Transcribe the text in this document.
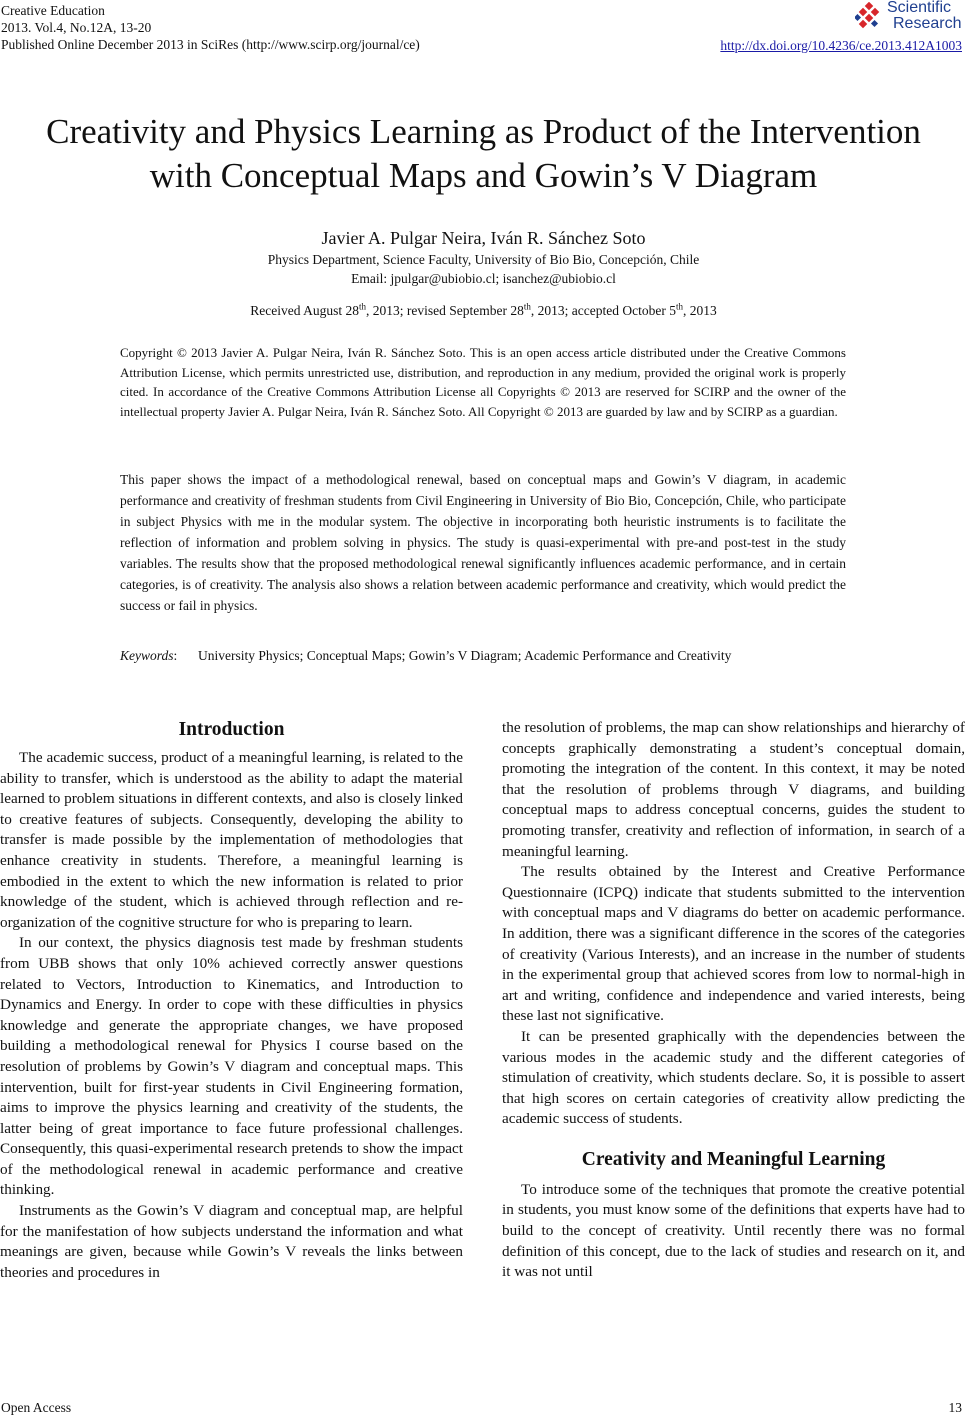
Creative Education
2013. Vol.4, No.12A, 13-20
Published Online December 2013 in SciRes (http://www.scirp.org/journal/ce)	http://dx.doi.org/10.4236/ce.2013.412A1003
Scientific
Research
Creativity and Physics Learning as Product of the Intervention
with Conceptual Maps and Gowin’s V Diagram
Javier A. Pulgar Neira, Iván R. Sánchez Soto
Physics Department, Science Faculty, University of Bio Bio, Concepción, Chile
Email: jpulgar@ubiobio.cl; isanchez@ubiobio.cl
Received August 28th, 2013; revised September 28th, 2013; accepted October 5th, 2013
Copyright © 2013 Javier A. Pulgar Neira, Iván R. Sánchez Soto. This is an open access article distributed under the Creative Commons Attribution License, which permits unrestricted use, distribution, and reproduction in any medium, provided the original work is properly cited. In accordance of the Creative Commons Attribution License all Copyrights © 2013 are reserved for SCIRP and the owner of the intellectual property Javier A. Pulgar Neira, Iván R. Sánchez Soto. All Copyright © 2013 are guarded by law and by SCIRP as a guardian.
This paper shows the impact of a methodological renewal, based on conceptual maps and Gowin’s V diagram, in academic performance and creativity of freshman students from Civil Engineering in University of Bio Bio, Concepción, Chile, who participate in subject Physics with me in the modular system. The objective in incorporating both heuristic instruments is to facilitate the reflection of information and problem solving in physics. The study is quasi-experimental with pre-and post-test in the study variables. The results show that the proposed methodological renewal significantly influences academic performance, and in certain categories, is of creativity. The analysis also shows a relation between academic performance and creativity, which would predict the success or fail in physics.
Keywords: University Physics; Conceptual Maps; Gowin’s V Diagram; Academic Performance and Creativity
Introduction

The academic success, product of a meaningful learning, is related to the ability to transfer, which is understood as the ability to adapt the material learned to problem situations in different contexts, and also is closely linked to creative features of subjects. Consequently, developing the ability to transfer is made possible by the implementation of methodologies that enhance creativity in students. Therefore, a meaningful learning is embodied in the extent to which the new information is related to prior knowledge of the student, which is achieved through reflection and re-organization of the cognitive structure for who is preparing to learn.

In our context, the physics diagnosis test made by freshman students from UBB shows that only 10% achieved correctly answer questions related to Vectors, Introduction to Kinematics, and Introduction to Dynamics and Energy. In order to cope with these difficulties in physics knowledge and generate the appropriate changes, we have proposed building a methodological renewal for Physics I course based on the resolution of problems by Gowin’s V diagram and conceptual maps. This intervention, built for first-year students in Civil Engineering formation, aims to improve the physics learning and creativity of the students, the latter being of great importance to face future professional challenges. Consequently, this quasi-experimental research pretends to show the impact of the methodological renewal in academic performance and creative thinking.

Instruments as the Gowin’s V diagram and conceptual map, are helpful for the manifestation of how subjects understand the information and what meanings are given, because while Gowin’s V reveals the links between theories and procedures in

the resolution of problems, the map can show relationships and hierarchy of concepts graphically demonstrating a student’s conceptual domain, promoting the integration of the content. In this context, it may be noted that the resolution of problems through V diagrams, and building conceptual maps to address conceptual concerns, guides the student to promoting transfer, creativity and reflection of information, in search of a meaningful learning.

The results obtained by the Interest and Creative Performance Questionnaire (ICPQ) indicate that students submitted to the intervention with conceptual maps and V diagrams do better on academic performance. In addition, there was a significant difference in the scores of the categories of creativity (Various Interests), and an increase in the number of students in the experimental group that achieved scores from low to normal-high in art and writing, confidence and independence and varied interests, being these last not significative.

It can be presented graphically with the dependencies between the various modes in the academic study and the different categories of stimulation of creativity, which students declare. So, it is possible to assert that high scores on certain categories of creativity allow predicting the academic success of students.

Creativity and Meaningful Learning

To introduce some of the techniques that promote the creative potential in students, you must know some of the definitions that experts have had to build to the concept of creativity. Until recently there was no formal definition of this concept, due to the lack of studies and research on it, and it was not until

Open Access	13
